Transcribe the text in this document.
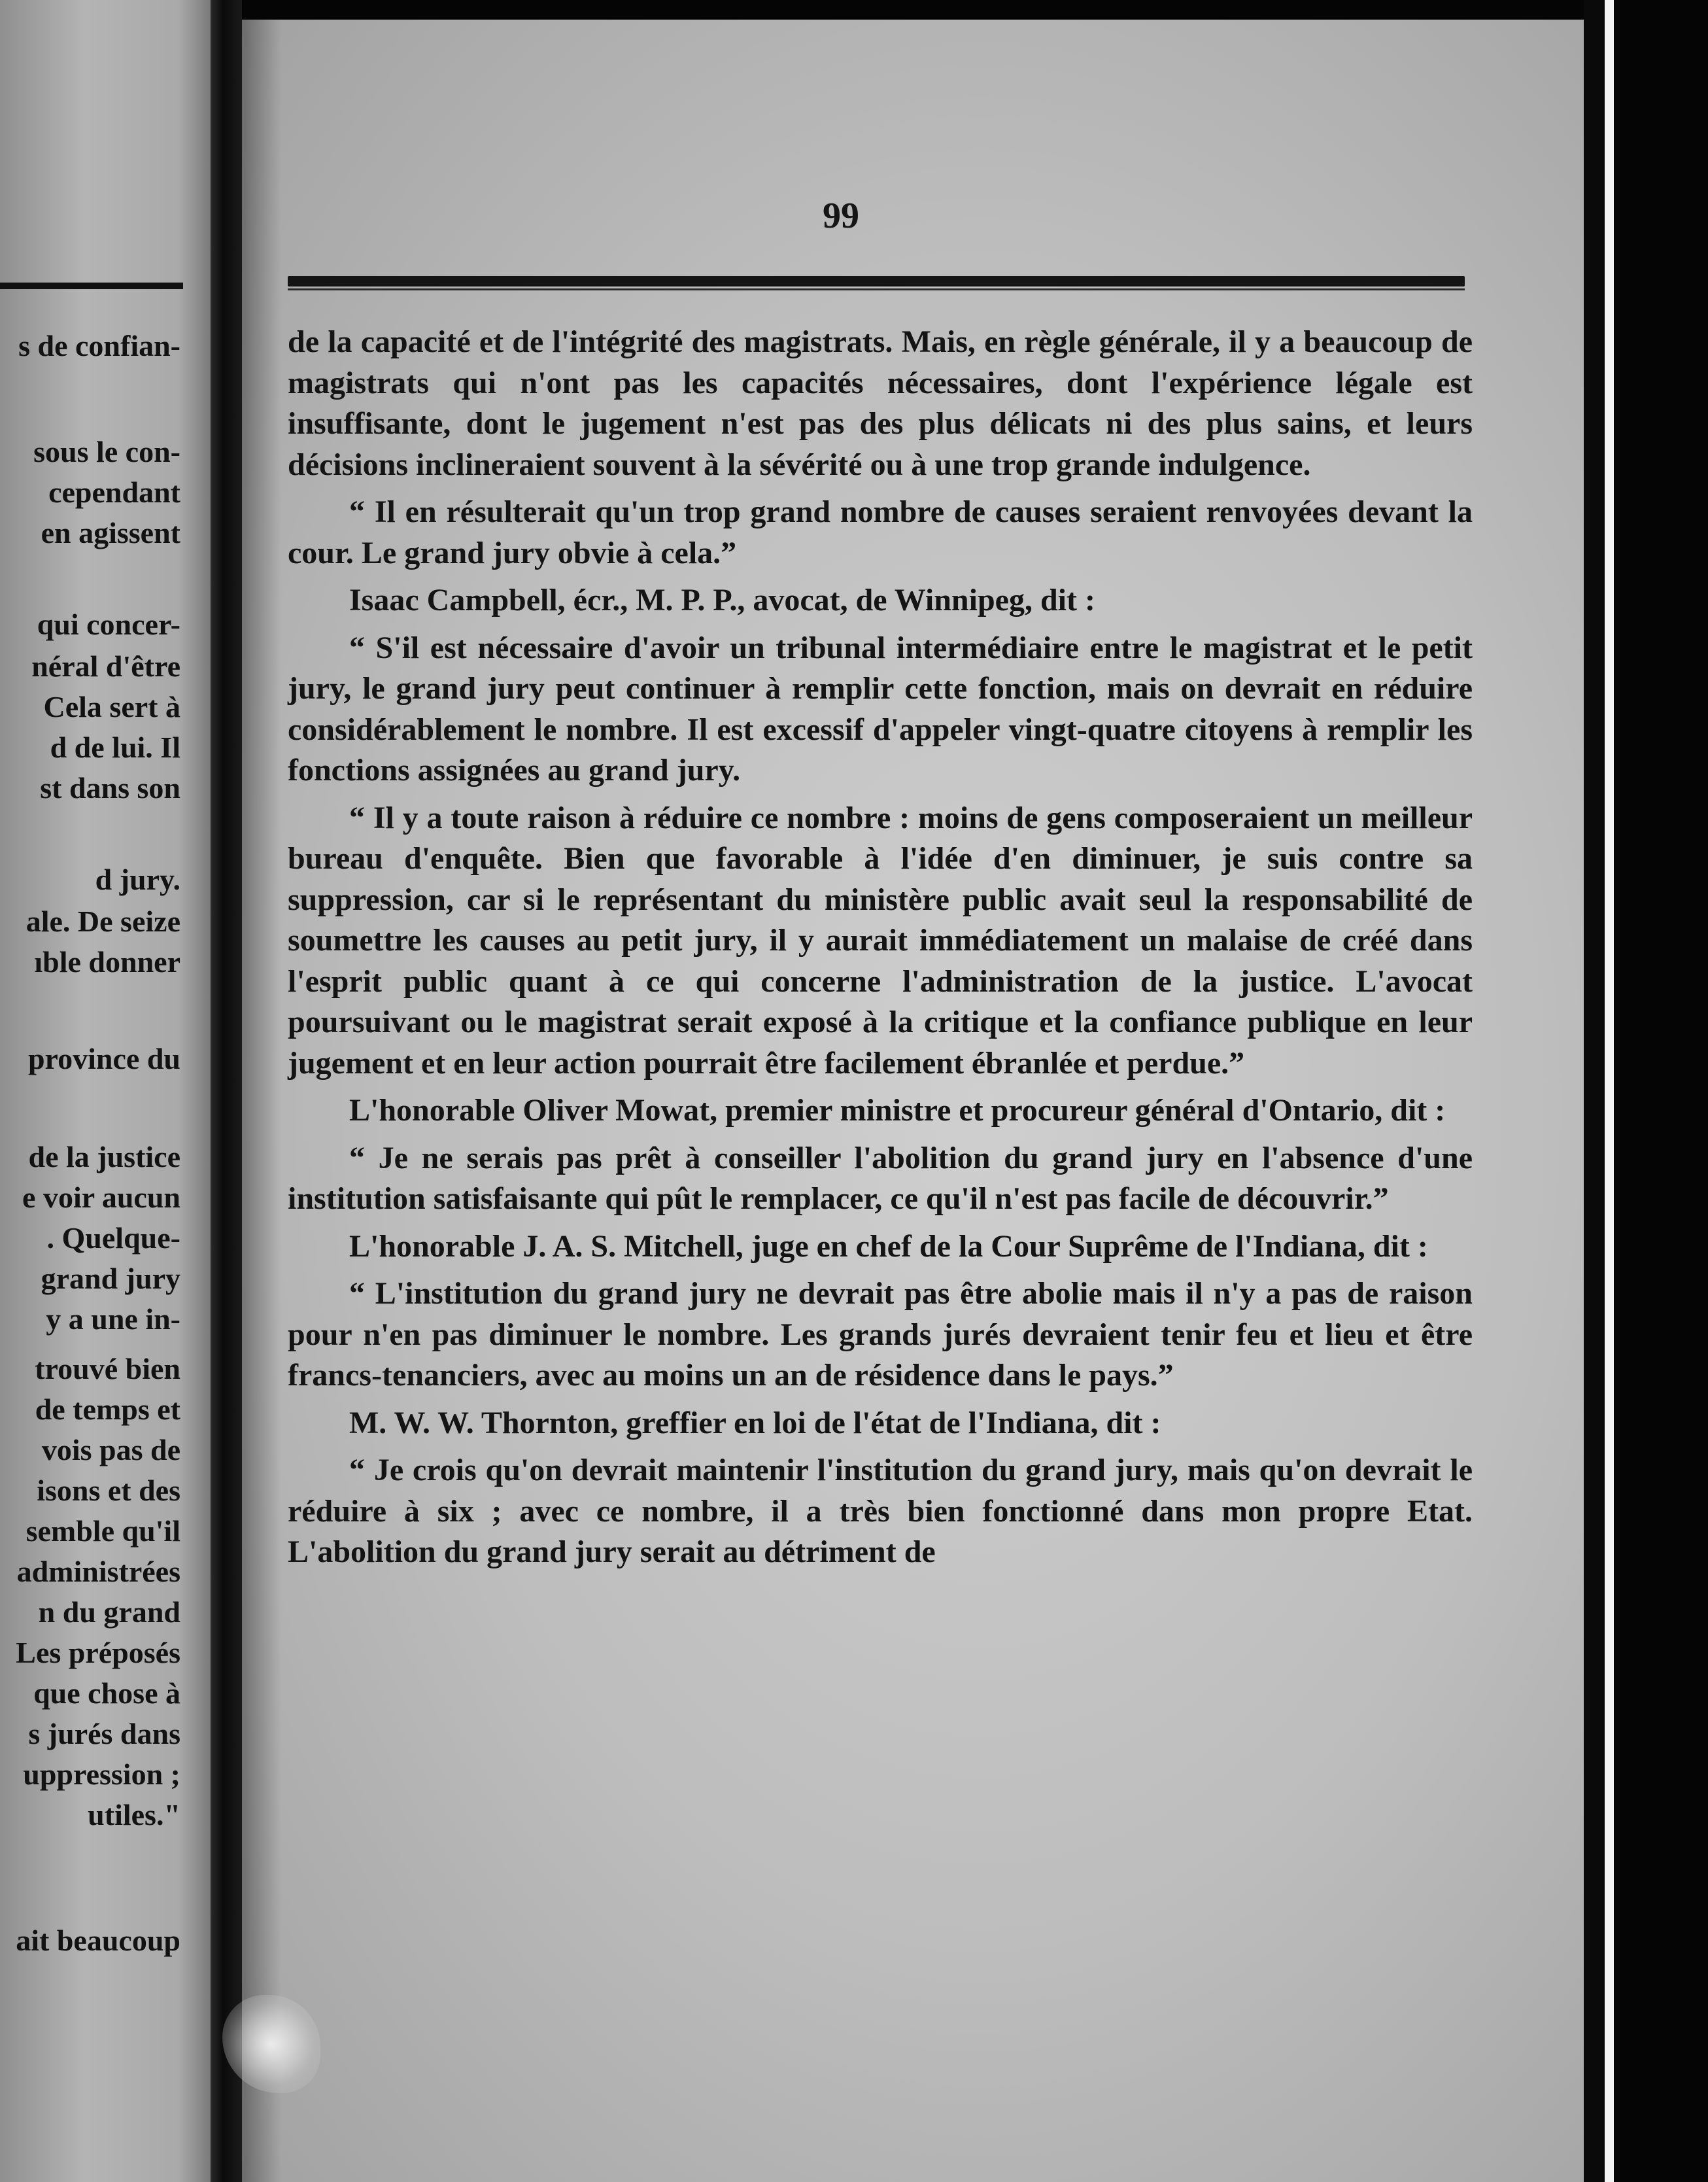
s de confian-
sous le con-
cependant
en agissent
qui concer-
néral d'être
Cela sert à
d de lui. Il
st dans son
d jury.
ale. De seize
ıble donner
province du
de la justice
e voir aucun
. Quelque-
grand jury
y a une in-
trouvé bien
de temps et
vois pas de
isons et des
semble qu'il
administrées
n du grand
Les préposés
que chose à
s jurés dans
uppression ;
utiles."
ait beaucoup
99

de la capacité et de l'intégrité des magistrats. Mais, en règle générale, il y a beaucoup de magistrats qui n'ont pas les capacités nécessaires, dont l'expérience légale est insuffisante, dont le jugement n'est pas des plus délicats ni des plus sains, et leurs décisions inclineraient souvent à la sévérité ou à une trop grande indulgence.

“ Il en résulterait qu'un trop grand nombre de causes seraient renvoyées devant la cour. Le grand jury obvie à cela.”

Isaac Campbell, écr., M. P. P., avocat, de Winnipeg, dit :

“ S'il est nécessaire d'avoir un tribunal intermédiaire entre le magistrat et le petit jury, le grand jury peut continuer à remplir cette fonction, mais on devrait en réduire considérablement le nombre. Il est excessif d'appeler vingt-quatre citoyens à remplir les fonctions assignées au grand jury.

“ Il y a toute raison à réduire ce nombre : moins de gens composeraient un meilleur bureau d'enquête. Bien que favorable à l'idée d'en diminuer, je suis contre sa suppression, car si le représentant du ministère public avait seul la responsabilité de soumettre les causes au petit jury, il y aurait immédiatement un malaise de créé dans l'esprit public quant à ce qui concerne l'administration de la justice. L'avocat poursuivant ou le magistrat serait exposé à la critique et la confiance publique en leur jugement et en leur action pourrait être facilement ébranlée et perdue.”

L'honorable Oliver Mowat, premier ministre et procureur général d'Ontario, dit :

“ Je ne serais pas prêt à conseiller l'abolition du grand jury en l'absence d'une institution satisfaisante qui pût le remplacer, ce qu'il n'est pas facile de découvrir.”

L'honorable J. A. S. Mitchell, juge en chef de la Cour Suprême de l'Indiana, dit :

“ L'institution du grand jury ne devrait pas être abolie mais il n'y a pas de raison pour n'en pas diminuer le nombre. Les grands jurés devraient tenir feu et lieu et être francs-tenanciers, avec au moins un an de résidence dans le pays.”

M. W. W. Thornton, greffier en loi de l'état de l'Indiana, dit :

“ Je crois qu'on devrait maintenir l'institution du grand jury, mais qu'on devrait le réduire à six ; avec ce nombre, il a très bien fonctionné dans mon propre Etat. L'abolition du grand jury serait au détriment de
